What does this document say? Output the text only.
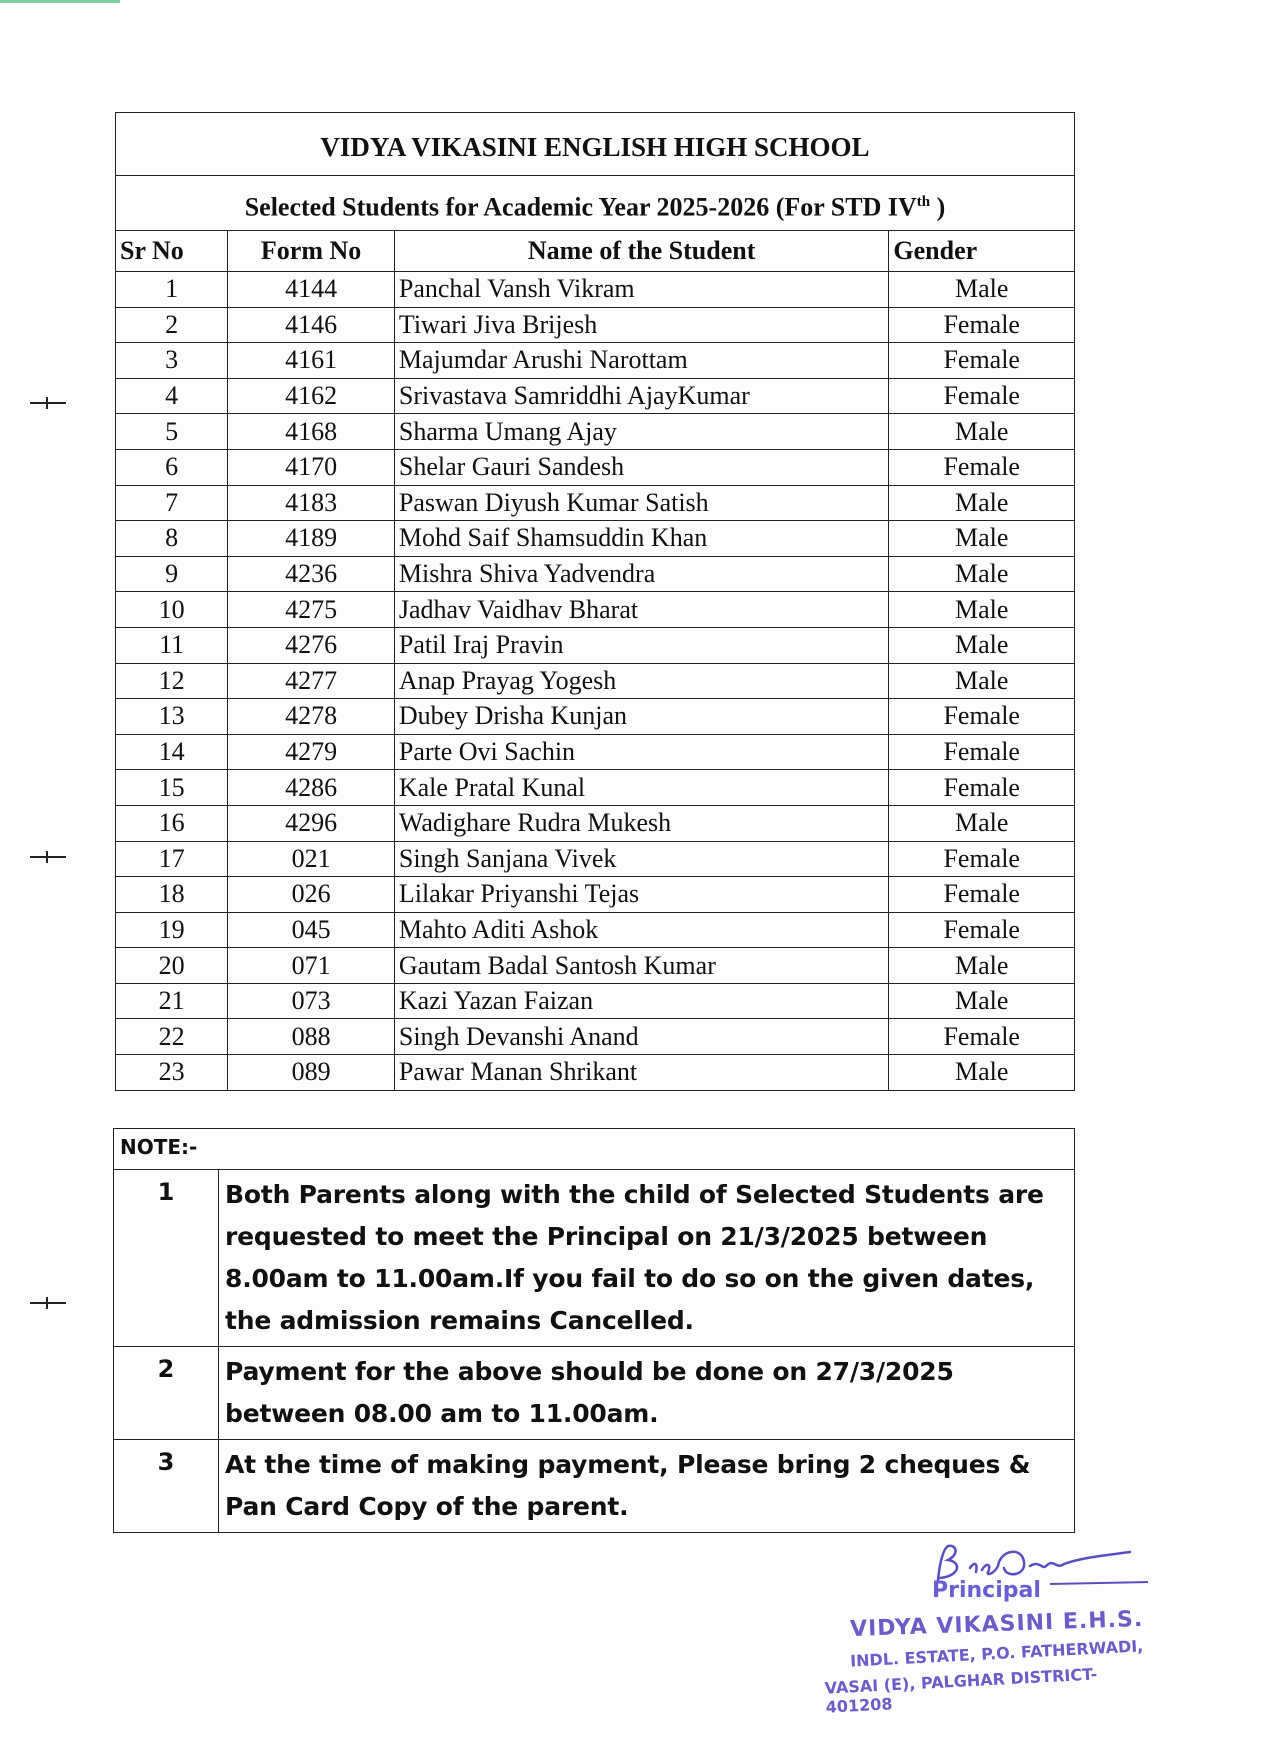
VIDYA VIKASINI ENGLISH HIGH SCHOOL			
Selected Students for Academic Year 2025-2026 (For STD IVth )			
Sr No	Form No	Name of the Student	Gender
1	4144	Panchal Vansh Vikram	Male
2	4146	Tiwari Jiva Brijesh	Female
3	4161	Majumdar Arushi Narottam	Female
4	4162	Srivastava Samriddhi AjayKumar	Female
5	4168	Sharma Umang Ajay	Male
6	4170	Shelar Gauri Sandesh	Female
7	4183	Paswan Diyush Kumar Satish	Male
8	4189	Mohd Saif Shamsuddin Khan	Male
9	4236	Mishra Shiva Yadvendra	Male
10	4275	Jadhav Vaidhav Bharat	Male
11	4276	Patil Iraj Pravin	Male
12	4277	Anap Prayag Yogesh	Male
13	4278	Dubey Drisha Kunjan	Female
14	4279	Parte Ovi Sachin	Female
15	4286	Kale Pratal Kunal	Female
16	4296	Wadighare Rudra Mukesh	Male
17	021	Singh Sanjana Vivek	Female
18	026	Lilakar Priyanshi Tejas	Female
19	045	Mahto Aditi Ashok	Female
20	071	Gautam Badal Santosh Kumar	Male
21	073	Kazi Yazan Faizan	Male
22	088	Singh Devanshi Anand	Female
23	089	Pawar Manan Shrikant	Male
NOTE:-	
1	Both Parents along with the child of Selected Students are
requested to meet the Principal on 21/3/2025 between
8.00am to 11.00am.If you fail to do so on the given dates,
the admission remains Cancelled.

2	Payment for the above should be done on 27/3/2025
between 08.00 am to 11.00am.

3	At the time of making payment, Please bring 2 cheques &
Pan Card Copy of the parent.
Principal
VIDYA VIKASINI E.H.S.
INDL. ESTATE, P.O. FATHERWADI,
VASAI (E), PALGHAR DISTRICT-401208
